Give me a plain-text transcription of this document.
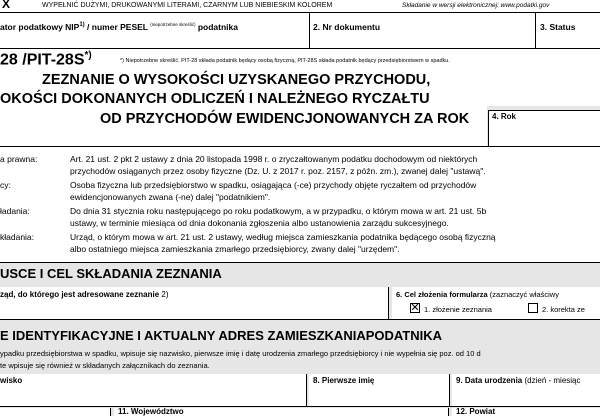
X	WYPEŁNIĆ DUŻYMI, DRUKOWANYMI LITERAMI, CZARNYM LUB NIEBIESKIM KOLOREM	Składanie w wersji elektronicznej: www.podatki.gov
ator podatkowy NIP$^{1)}$ / numer PESEL $^{(niepotrzebne skreślić)}$ podatnika	2. Nr dokumentu	3. Status
28 /PIT-28S*)	*) Niepotrzebne skreślić. PIT-28 składa podatnik będący osobą fizyczną, PIT-28S składa podatnik będący przedsiębiorstwem w spadku.
ZEZNANIE O WYSOKOŚCI UZYSKANEGO PRZYCHODU,
OKOŚCI DOKONANYCH ODLICZEŃ I NALEŻNEGO RYCZAŁTU
OD PRZYCHODÓW EWIDENCJONOWANYCH ZA ROK	4. Rok
a prawna:	Art. 21 ust. 2 pkt 2 ustawy z dnia 20 listopada 1998 r. o zryczałtowanym podatku dochodowym od niektórych
przychodów osiąganych przez osoby fizyczne (Dz. U. z 2017 r. poz. 2157, z późn. zm.), zwanej dalej "ustawą".
cy:	Osoba fizyczna lub przedsiębiorstwo w spadku, osiągająca (-ce) przychody objęte ryczałtem od przychodów
ewidencjonowanych zwana (-ne) dalej "podatnikiem".
ładania:	Do dnia 31 stycznia roku następującego po roku podatkowym, a w przypadku, o którym mowa w art. 21 ust. 5b
ustawy, w terminie miesiąca od dnia dokonania zgłoszenia albo ustanowienia zarządu sukcesyjnego.
kładania:	Urząd, o którym mowa w art. 21 ust. 2 ustawy, według miejsca zamieszkania podatnika będącego osobą fizyczną
albo ostatniego miejsca zamieszkania zmarłego przedsiębiorcy, zwany dalej "urzędem".
USCE I CEL SKŁADANIA ZEZNANIA
ząd, do którego jest adresowane zeznanie 2)	6. Cel złożenia formularza (zaznaczyć właściwy
✕ 1. złożenie zeznania	2. korekta ze
E IDENTYFIKACYJNE I AKTUALNY ADRES ZAMIESZKANIAPODATNIKA
ypadku przedsiębiorstwa w spadku, wpisuje się nazwisko, pierwsze imię i datę urodzenia zmarłego przedsiębiorcy i nie wypełnia się poz. od 10 d
te wpisuje się również w składanych załącznikach do zeznania.
wisko	8. Pierwsze imię	9. Data urodzenia (dzień - miesiąc
11. Województwo	12. Powiat
